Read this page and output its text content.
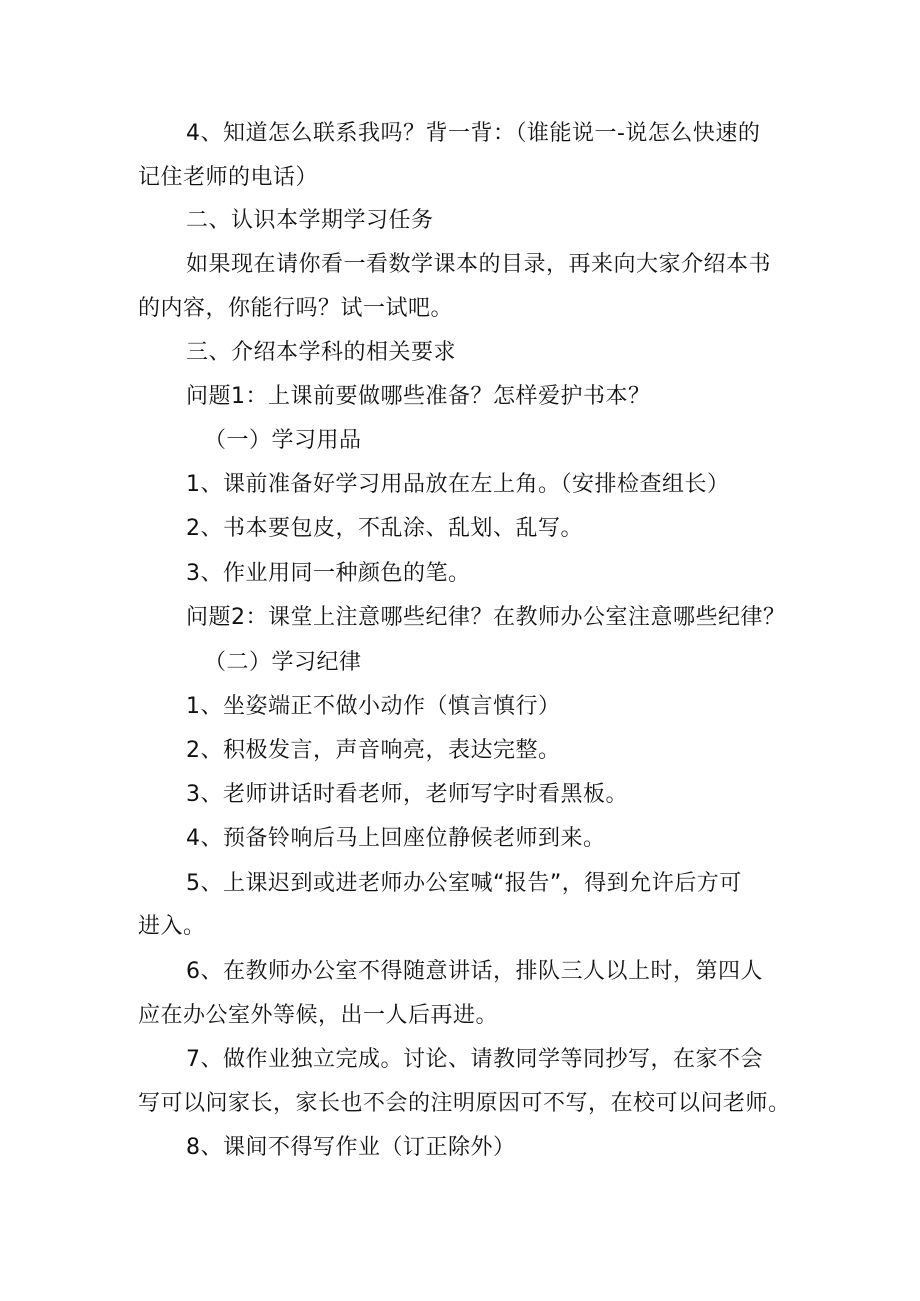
4、知道怎么联系我吗？背一背：（谁能说一-说怎么快速的
记住老师的电话）
二、认识本学期学习任务
如果现在请你看一看数学课本的目录，再来向大家介绍本书
的内容，你能行吗？试一试吧。
三、介绍本学科的相关要求
问题1：上课前要做哪些准备？怎样爱护书本？
（一）学习用品
1、课前准备好学习用品放在左上角。（安排检查组长）
2、书本要包皮，不乱涂、乱划、乱写。
3、作业用同一种颜色的笔。
问题2：课堂上注意哪些纪律？在教师办公室注意哪些纪律？
（二）学习纪律
1、坐姿端正不做小动作（慎言慎行）
2、积极发言，声音响亮，表达完整。
3、老师讲话时看老师，老师写字时看黑板。
4、预备铃响后马上回座位静候老师到来。
5、上课迟到或进老师办公室喊“报告”，得到允许后方可
进入。
6、在教师办公室不得随意讲话，排队三人以上时，第四人
应在办公室外等候，出一人后再进。
7、做作业独立完成。讨论、请教同学等同抄写，在家不会
写可以问家长，家长也不会的注明原因可不写，在校可以问老师。
8、课间不得写作业（订正除外）
